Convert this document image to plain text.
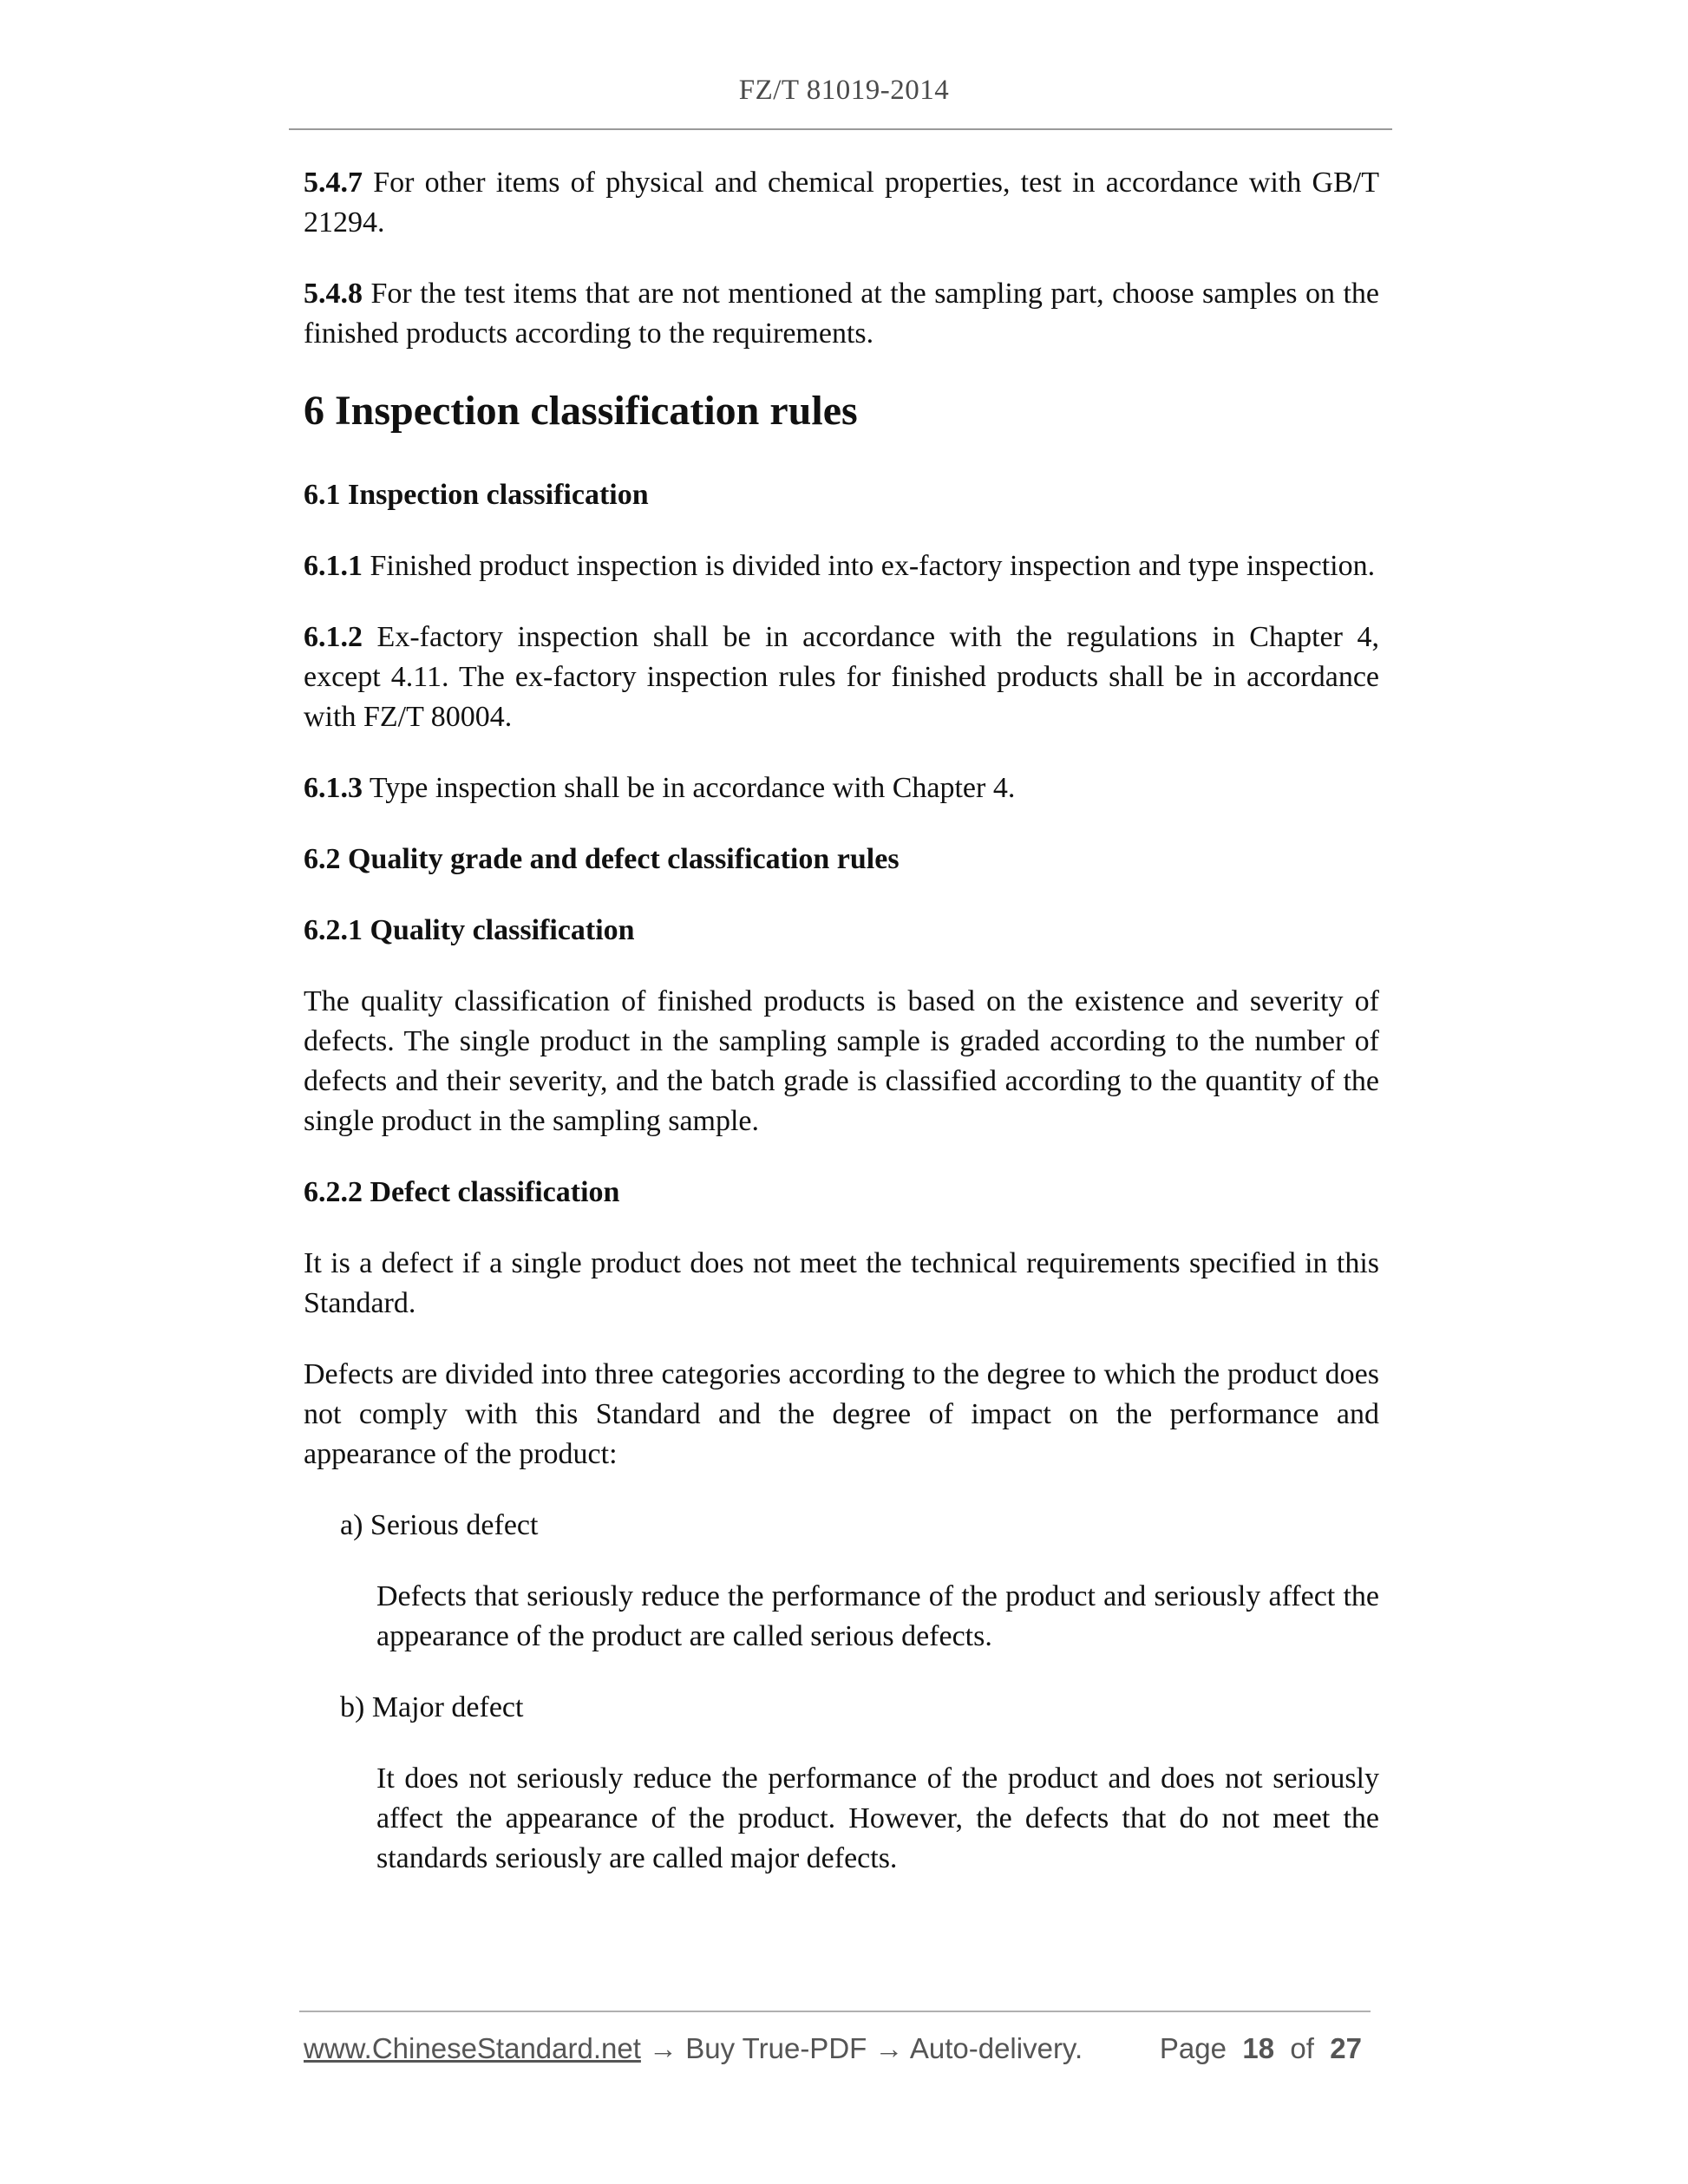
FZ/T 81019-2014

5.4.7 For other items of physical and chemical properties, test in accordance with GB/T 21294.

5.4.8 For the test items that are not mentioned at the sampling part, choose samples on the finished products according to the requirements.

6 Inspection classification rules
6.1 Inspection classification

6.1.1 Finished product inspection is divided into ex-factory inspection and type inspection.

6.1.2 Ex-factory inspection shall be in accordance with the regulations in Chapter 4, except 4.11. The ex-factory inspection rules for finished products shall be in accordance with FZ/T 80004.

6.1.3 Type inspection shall be in accordance with Chapter 4.

6.2 Quality grade and defect classification rules
6.2.1 Quality classification

The quality classification of finished products is based on the existence and severity of defects. The single product in the sampling sample is graded according to the number of defects and their severity, and the batch grade is classified according to the quantity of the single product in the sampling sample.

6.2.2 Defect classification

It is a defect if a single product does not meet the technical requirements specified in this Standard.

Defects are divided into three categories according to the degree to which the product does not comply with this Standard and the degree of impact on the performance and appearance of the product:

a) Serious defect

Defects that seriously reduce the performance of the product and seriously affect the appearance of the product are called serious defects.

b) Major defect

It does not seriously reduce the performance of the product and does not seriously affect the appearance of the product. However, the defects that do not meet the standards seriously are called major defects.

www.ChineseStandard.net → Buy True-PDF → Auto-delivery.	Page 18 of 27
